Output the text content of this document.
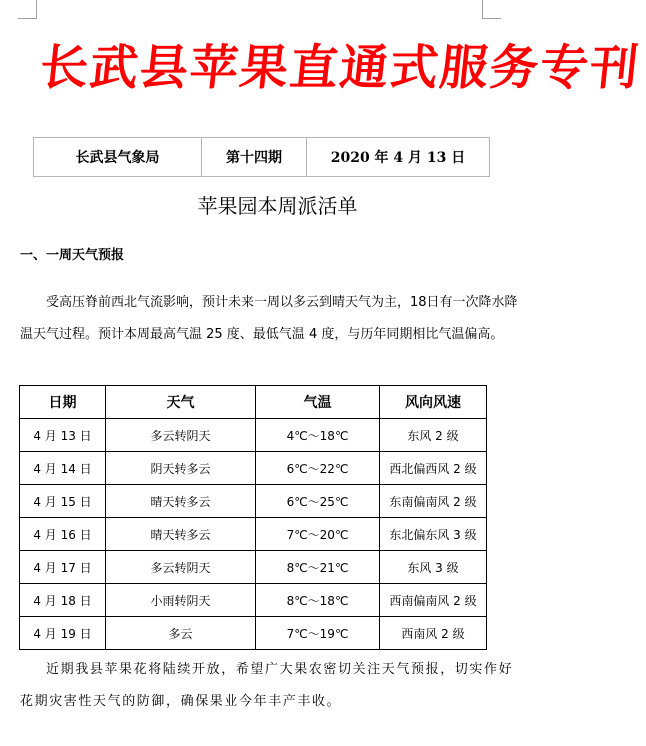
长武县苹果直通式服务专刊
长武县气象局	第十四期	2020 年 4 月 13 日
苹果园本周派活单
一、一周天气预报

受高压脊前西北气流影响，预计未来一周以多云到晴天气为主，18日有一次降水降温天气过程。预计本周最高气温 25 度、最低气温 4 度，与历年同期相比气温偏高。

日期	天气	气温	风向风速
4 月 13 日	多云转阴天	4℃～18℃	东风 2 级
4 月 14 日	阴天转多云	6℃～22℃	西北偏西风 2 级
4 月 15 日	晴天转多云	6℃～25℃	东南偏南风 2 级
4 月 16 日	晴天转多云	7℃～20℃	东北偏东风 3 级
4 月 17 日	多云转阴天	8℃～21℃	东风 3 级
4 月 18 日	小雨转阴天	8℃～18℃	西南偏南风 2 级
4 月 19 日	多云	7℃～19℃	西南风 2 级

近期我县苹果花将陆续开放，希望广大果农密切关注天气预报，切实作好花期灾害性天气的防御，确保果业今年丰产丰收。
